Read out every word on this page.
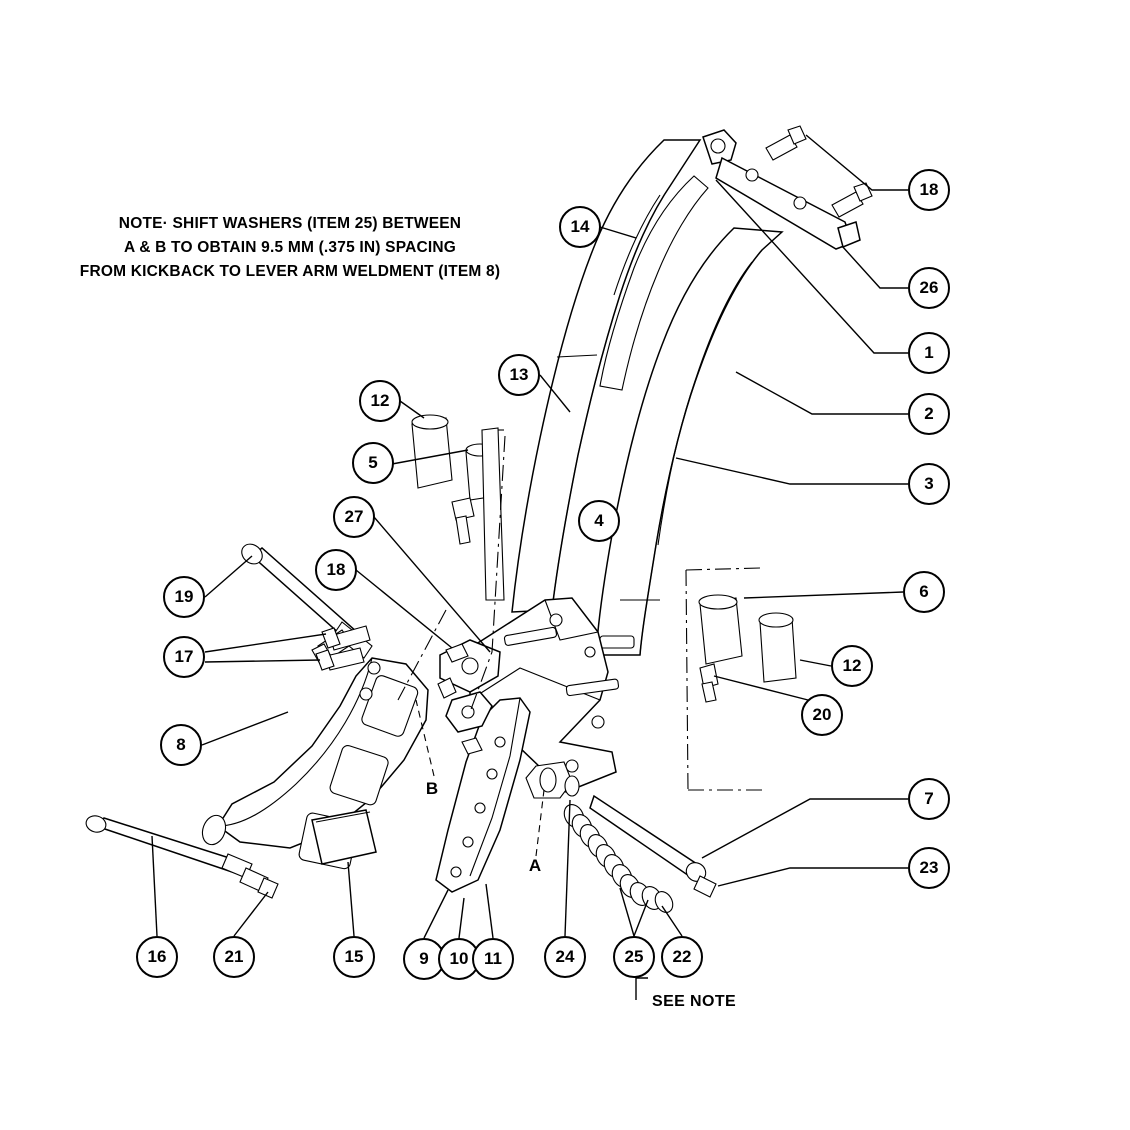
NOTE· SHIFT WASHERS (ITEM 25) BETWEEN
A & B TO OBTAIN 9.5 MM (.375 IN) SPACING
FROM KICKBACK TO LEVER ARM WELDMENT (ITEM 8)
SEE NOTE
18
26
1
2
3
6
12
20
7
23
14
13
4
12
5
27
18
19
17
8
16	21	15	9	10 11	24	25	22
B
A
